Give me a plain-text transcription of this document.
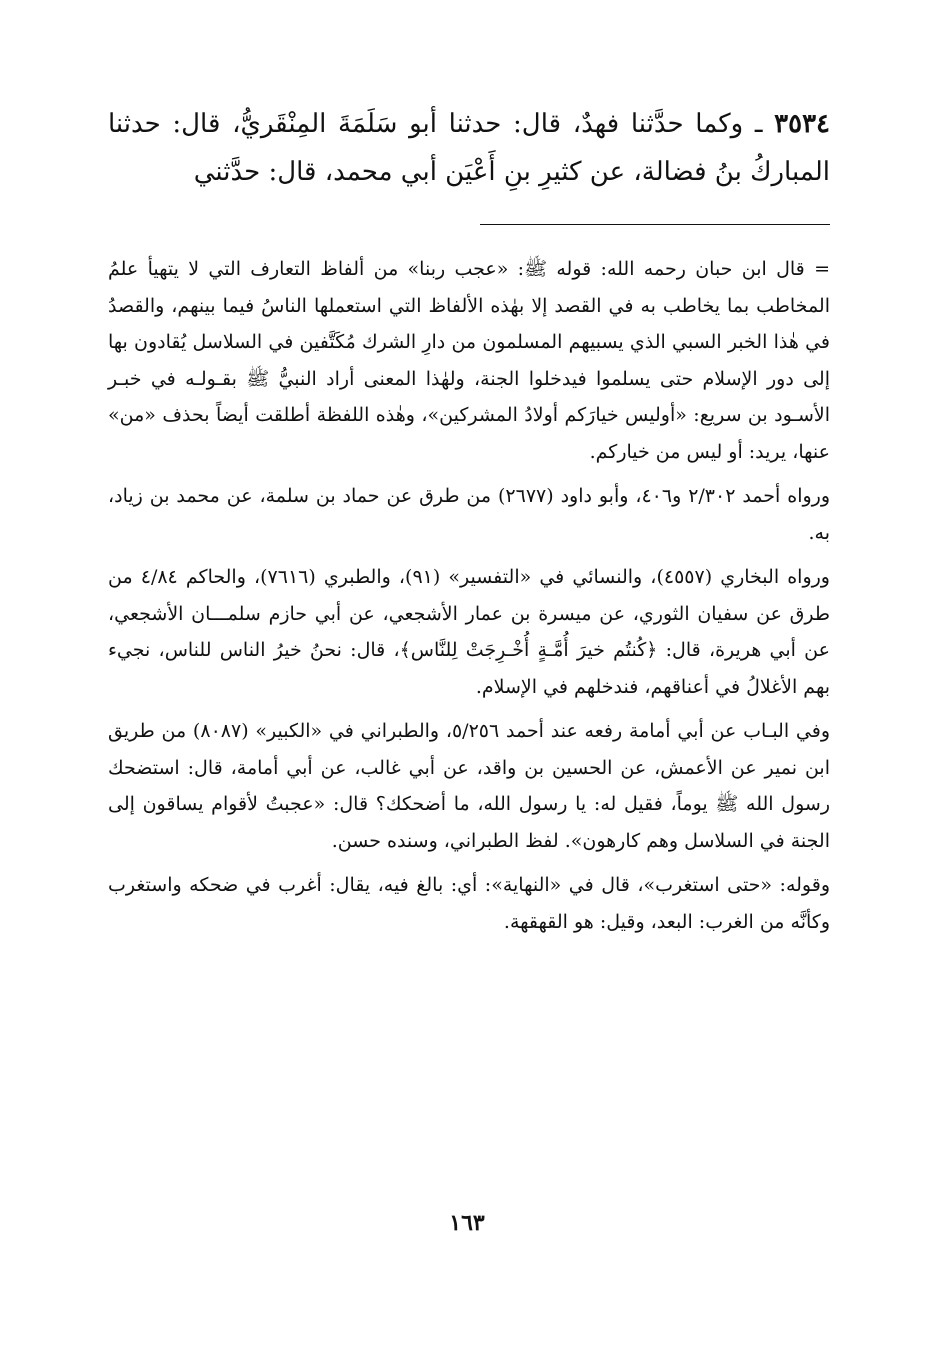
٣٥٣٤ ـ وكما حدَّثنا فهدٌ، قال: حدثنا أبو سَلَمَةَ المِنْقَريُّ، قال: حدثنا المباركُ بنُ فضالة، عن كثيرِ بنِ أَعْيَن أبي محمد، قال: حدَّثني

= قال ابن حبان رحمه الله: قوله ﷺ: «عجب ربنا» من ألفاظ التعارف التي لا يتهيأ علمُ المخاطب بما يخاطب به في القصد إلا بهٰذه الألفاظ التي استعملها الناسُ فيما بينهم، والقصدُ في هٰذا الخبر السبي الذي يسبيهم المسلمون من دارِ الشرك مُكَتَّفين في السلاسل يُقادون بها إلى دور الإسلام حتى يسلموا فيدخلوا الجنة، ولهٰذا المعنى أراد النبيُّ ﷺ بقـولـه في خبـر الأسـود بن سريع: «أوليس خيارَكم أولادُ المشركين»، وهٰذه اللفظة أطلقت أيضاً بحذف «من» عنها، يريد: أو ليس من خياركم.

ورواه أحمد ٢/٣٠٢ و٤٠٦، وأبو داود (٢٦٧٧) من طرق عن حماد بن سلمة، عن محمد بن زياد، به.

ورواه البخاري (٤٥٥٧)، والنسائي في «التفسير» (٩١)، والطبري (٧٦١٦)، والحاكم ٤/٨٤ من طرق عن سفيان الثوري، عن ميسرة بن عمار الأشجعي، عن أبي حازم سلمـــان الأشجعي، عن أبي هريرة، قال: ﴿كُنتُم خيرَ أُمَّـةٍ أُخْـرِجَتْ لِلنَّاس﴾، قال: نحنُ خيرُ الناس للناس، نجيء بهم الأغلالُ في أعناقهم، فندخلهم في الإسلام.

وفي البـاب عن أبي أمامة رفعه عند أحمد ٥/٢٥٦، والطبراني في «الكبير» (٨٠٨٧) من طريق ابن نمير عن الأعمش، عن الحسين بن واقد، عن أبي غالب، عن أبي أمامة، قال: استضحك رسول الله ﷺ يوماً، فقيل له: يا رسول الله، ما أضحكك؟ قال: «عجبتُ لأقوام يساقون إلى الجنة في السلاسل وهم كارهون». لفظ الطبراني، وسنده حسن.

وقوله: «حتى استغرب»، قال في «النهاية»: أي: بالغ فيه، يقال: أغرب في ضحكه واستغرب وكأنَّه من الغرب: البعد، وقيل: هو القهقهة.

١٦٣
